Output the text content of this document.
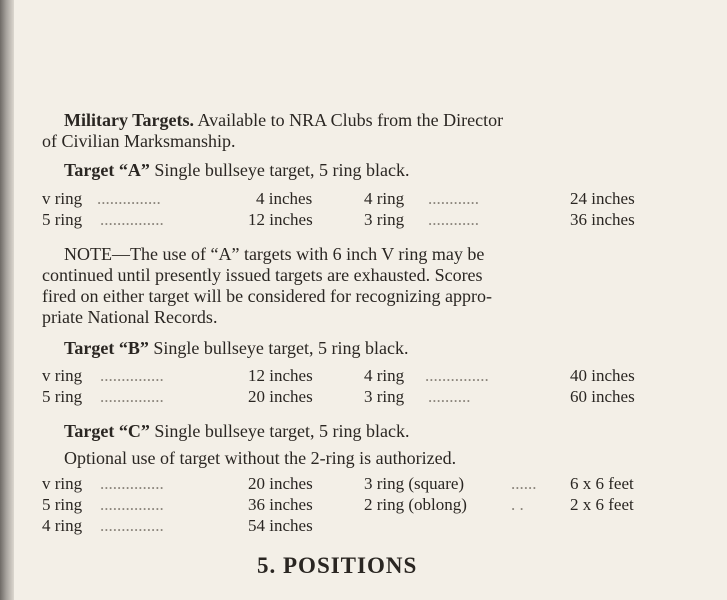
Military Targets. Available to NRA Clubs from the Director
of Civilian Marksmanship.
Target “A” Single bullseye target, 5 ring black.
v ring ...............	4 inches	4 ring ............	24 inches
5 ring ...............	12 inches	3 ring ............	36 inches
NOTE—The use of “A” targets with 6 inch V ring may be
continued until presently issued targets are exhausted. Scores
fired on either target will be considered for recognizing appro-
priate National Records.
Target “B” Single bullseye target, 5 ring black.
v ring ...............	12 inches	4 ring ...............	40 inches
5 ring ...............	20 inches	3 ring ..........	60 inches
Target “C” Single bullseye target, 5 ring black.
Optional use of target without the 2-ring is authorized.
v ring ...............	20 inches	3 ring (square)	...... 6 x 6 feet
5 ring ...............	36 inches	2 ring (oblong)	. .	2 x 6 feet
4 ring ...............	54 inches
5. POSITIONS
